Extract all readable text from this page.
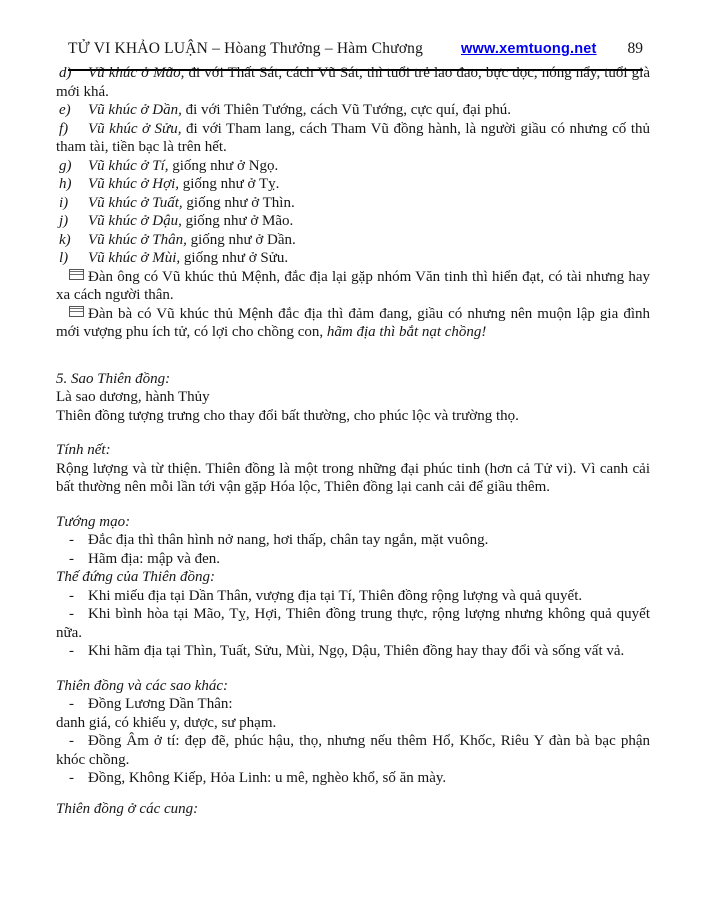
TỬ VI KHẢO LUẬN – Hòang Thưởng – Hàm Chương	www.xemtuong.net 89

d) Vũ khúc ở Mão, đi với Thất Sát, cách Vũ Sát, thì tuổi trẻ lao đao, bực dọc, nóng nẩy, tuổi già mới khá.

e) Vũ khúc ở Dần, đi với Thiên Tướng, cách Vũ Tướng, cực quí, đại phú.

f) Vũ khúc ở Sửu, đi với Tham lang, cách Tham Vũ đồng hành, là người giầu có nhưng cố thủ tham tài, tiền bạc là trên hết.

g) Vũ khúc ở Tí, giống như ở Ngọ.

h) Vũ khúc ở Hợi, giống như ở Tỵ.

i) Vũ khúc ở Tuất, giống như ở Thìn.

j) Vũ khúc ở Dậu, giống như ở Mão.

k) Vũ khúc ở Thân, giống như ở Dần.

l) Vũ khúc ở Mùi, giống như ở Sửu.

Đàn ông có Vũ khúc thủ Mệnh, đắc địa lại gặp nhóm Văn tinh thì hiển đạt, có tài nhưng hay xa cách người thân.

Đàn bà có Vũ khúc thủ Mệnh đắc địa thì đảm đang, giầu có nhưng nên muộn lập gia đình mới vượng phu ích tử, có lợi cho chồng con, hãm địa thì bắt nạt chồng!

5. Sao Thiên đồng:

Là sao dương, hành Thủy

Thiên đồng tượng trưng cho thay đổi bất thường, cho phúc lộc và trường thọ.

Tính nết:

Rộng lượng và từ thiện. Thiên đồng là một trong những đại phúc tinh (hơn cả Tử vi). Vì canh cải bất thường nên mỗi lần tới vận gặp Hóa lộc, Thiên đồng lại canh cải để giầu thêm.

Tướng mạo:

- Đắc địa thì thân hình nở nang, hơi thấp, chân tay ngắn, mặt vuông.

- Hãm địa: mập và đen.

Thế đứng của Thiên đồng:

- Khi miếu địa tại Dần Thân, vượng địa tại Tí, Thiên đồng rộng lượng và quả quyết.

- Khi bình hòa tại Mão, Tỵ, Hợi, Thiên đồng trung thực, rộng lượng nhưng không quả quyết nữa.

- Khi hãm địa tại Thìn, Tuất, Sửu, Mùi, Ngọ, Dậu, Thiên đồng hay thay đổi và sống vất vả.

Thiên đồng và các sao khác:

- Đồng Lương Dần Thân:

danh giá, có khiếu y, dược, sư phạm.

- Đồng Âm ở tí: đẹp đẽ, phúc hậu, thọ, nhưng nếu thêm Hổ, Khốc, Riêu Y đàn bà bạc phận khóc chồng.

- Đồng, Không Kiếp, Hỏa Linh: u mê, nghèo khổ, số ăn mày.

Thiên đồng ở các cung:
